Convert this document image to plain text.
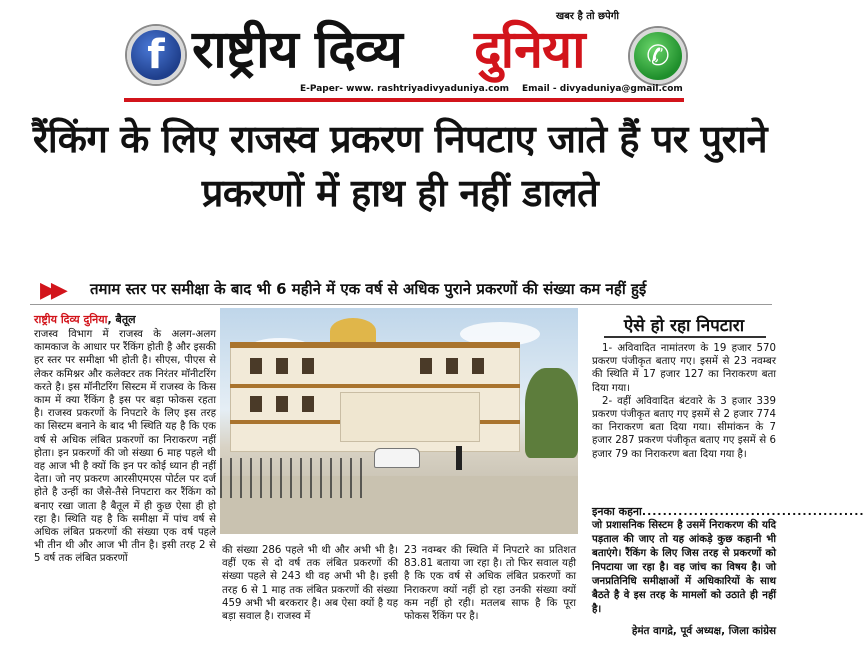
f राष्ट्रीय दिव्य दुनिया
खबर है तो छपेगी
✆
E-Paper- www. rashtriyadivyaduniya.com Email - divyaduniya@gmail.com
रैंकिंग के लिए राजस्व प्रकरण निपटाए जाते हैं पर पुराने प्रकरणों में हाथ ही नहीं डालते
▶▶ तमाम स्तर पर समीक्षा के बाद भी 6 महीने में एक वर्ष से अधिक पुराने प्रकरणों की संख्या कम नहीं हुई
राष्ट्रीय दिव्य दुनिया, बैतूल
राजस्व विभाग में राजस्व के अलग-अलग कामकाज के आधार पर रैंकिंग होती है और इसकी हर स्तर पर समीक्षा भी होती है। सीएस, पीएस से लेकर कमिश्नर और कलेक्टर तक निरंतर मॉनीटरिंग करते है। इस मॉनीटरिंग सिस्टम में राजस्व के किस काम में क्या रैंकिंग है इस पर बड़ा फोकस रहता है। राजस्व प्रकरणों के निपटारे के लिए इस तरह का सिस्टम बनाने के बाद भी स्थिति यह है कि एक वर्ष से अधिक लंबित प्रकरणों का निराकरण नहीं होता। इन प्रकरणों की जो संख्या 6 माह पहले थी वह आज भी है क्यों कि इन पर कोई ध्यान ही नहीं देता। जो नए प्रकरण आरसीएमएस पोर्टल पर दर्ज होते है उन्हीं का जैसे-तैसे निपटारा कर रैंकिंग को बनाए रखा जाता है बैतूल में ही कुछ ऐसा ही हो रहा है। स्थिति यह है कि समीक्षा में पांच वर्ष से अधिक लंबित प्रकरणों की संख्या एक वर्ष पहले भी तीन थी और आज भी तीन है। इसी तरह 2 से 5 वर्ष तक लंबित प्रकरणों
की संख्या 286 पहले भी थी और अभी भी है। वहीं एक से दो वर्ष तक लंबित प्रकरणों की संख्या पहले से 243 थी वह अभी भी है। इसी तरह 6 से 1 माह तक लंबित प्रकरणों की संख्या 459 अभी भी बरकरार है। अब ऐसा क्यों है यह बड़ा सवाल है। राजस्व में
23 नवम्बर की स्थिति में निपटारे का प्रतिशत 83.81 बताया जा रहा है। तो फिर सवाल यही है कि एक वर्ष से अधिक लंबित प्रकरणों का निराकरण क्यों नहीं हो रहा उनकी संख्या क्यों कम नहीं हो रही। मतलब साफ है कि पूरा फोकस रैंकिंग पर है।
ऐसे हो रहा निपटारा

1- अविवादित नामांतरण के 19 हजार 570 प्रकरण पंजीकृत बताए गए। इसमें से 23 नवम्बर की स्थिति में 17 हजार 127 का निराकरण बता दिया गया।

2- वहीं अविवादित बंटवारे के 3 हजार 339 प्रकरण पंजीकृत बताए गए इसमें से 2 हजार 774 का निराकरण बता दिया गया। सीमांकन के 7 हजार 287 प्रकरण पंजीकृत बताए गए इसमें से 6 हजार 79 का निराकरण बता दिया गया है।

इनका कहना...........................................
जो प्रशासनिक सिस्टम है उसमें निराकरण की यदि पड़ताल की जाए तो यह आंकड़े कुछ कहानी भी बताएंगे। रैंकिंग के लिए जिस तरह से प्रकरणों को निपटाया जा रहा है। वह जांच का विषय है। जो जनप्रतिनिधि समीक्षाओं में अधिकारियों के साथ बैठते है वे इस तरह के मामलों को उठाते ही नहीं है।
हेमंत वागद्रे, पूर्व अध्यक्ष, जिला कांग्रेस
